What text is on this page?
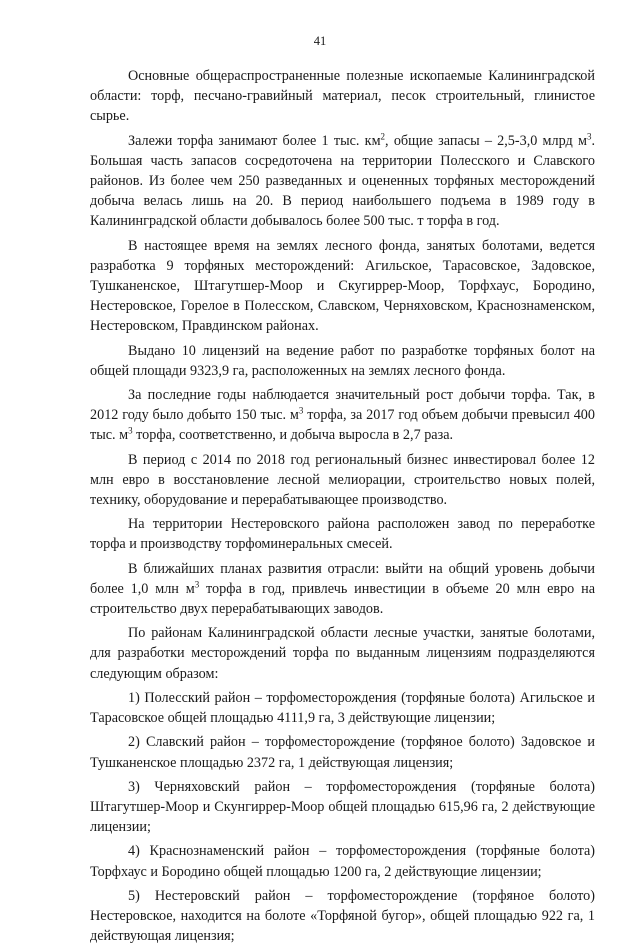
41

Основные общераспространенные полезные ископаемые Калининградской области: торф, песчано-гравийный материал, песок строительный, глинистое сырье.

Залежи торфа занимают более 1 тыс. $км^2$, общие запасы – 2,5-3,0 млрд $м^3$. Большая часть запасов сосредоточена на территории Полесского и Славского районов. Из более чем 250 разведанных и оцененных торфяных месторождений добыча велась лишь на 20. В период наибольшего подъема в 1989 году в Калининградской области добывалось более 500 тыс. т торфа в год.

В настоящее время на землях лесного фонда, занятых болотами, ведется разработка 9 торфяных месторождений: Агильское, Тарасовское, Задовское, Тушканенское, Штагутшер-Моор и Скугиррер-Моор, Торфхаус, Бородино, Нестеровское, Горелое в Полесском, Славском, Черняховском, Краснознаменском, Нестеровском, Правдинском районах.

Выдано 10 лицензий на ведение работ по разработке торфяных болот на общей площади 9323,9 га, расположенных на землях лесного фонда.

За последние годы наблюдается значительный рост добычи торфа. Так, в 2012 году было добыто 150 тыс. $м^3$ торфа, за 2017 год объем добычи превысил 400 тыс. $м^3$ торфа, соответственно, и добыча выросла в 2,7 раза.

В период с 2014 по 2018 год региональный бизнес инвестировал более 12 млн евро в восстановление лесной мелиорации, строительство новых полей, технику, оборудование и перерабатывающее производство.

На территории Нестеровского района расположен завод по переработке торфа и производству торфоминеральных смесей.

В ближайших планах развития отрасли: выйти на общий уровень добычи более 1,0 млн $м^3$ торфа в год, привлечь инвестиции в объеме 20 млн евро на строительство двух перерабатывающих заводов.

По районам Калининградской области лесные участки, занятые болотами, для разработки месторождений торфа по выданным лицензиям подразделяются следующим образом:

1) Полесский район – торфоместорождения (торфяные болота) Агильское и Тарасовское общей площадью 4111,9 га, 3 действующие лицензии;

2) Славский район – торфоместорождение (торфяное болото) Задовское и Тушканенское площадью 2372 га, 1 действующая лицензия;

3) Черняховский район – торфоместорождения (торфяные болота) Штагутшер-Моор и Скунгиррер-Моор общей площадью 615,96 га, 2 действующие лицензии;

4) Краснознаменский район – торфоместорождения (торфяные болота) Торфхаус и Бородино общей площадью 1200 га, 2 действующие лицензии;

5) Нестеровский район – торфоместорождение (торфяное болото) Нестеровское, находится на болоте «Торфяной бугор», общей площадью 922 га, 1 действующая лицензия;
